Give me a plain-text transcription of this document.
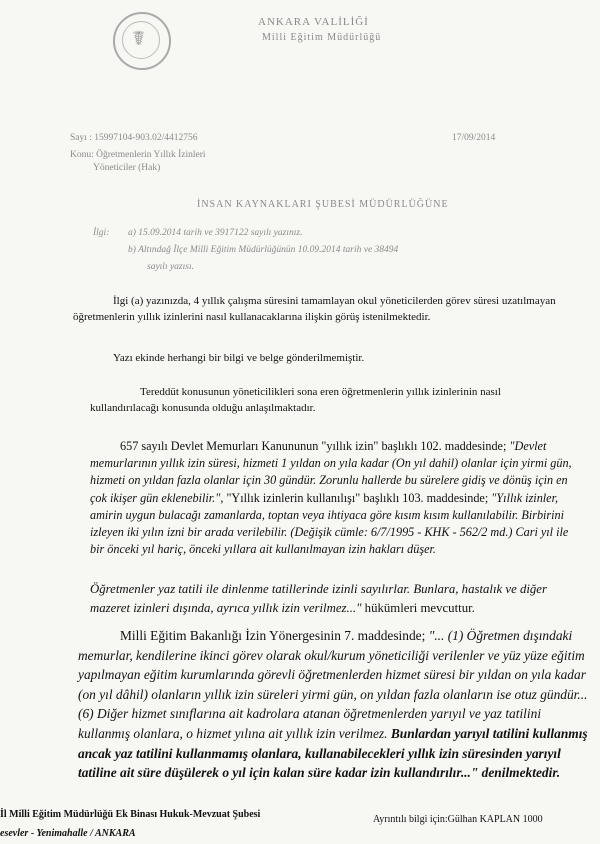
☤
ANKARA VALİLİĞİ
Milli Eğitim Müdürlüğü
Sayı : 15997104-903.02/4412756	17/09/2014
Konu: Öğretmenlerin Yıllık İzinleri
Yöneticiler (Hak)
İNSAN KAYNAKLARI ŞUBESİ MÜDÜRLÜĞÜNE
İlgi: a) 15.09.2014 tarih ve 3917122 sayılı yazınız.
b) Altındağ İlçe Milli Eğitim Müdürlüğünün 10.09.2014 tarih ve 38494
sayılı yazısı.
İlgi (a) yazınızda, 4 yıllık çalışma süresini tamamlayan okul yöneticilerden görev süresi uzatılmayan öğretmenlerin yıllık izinlerini nasıl kullanacaklarına ilişkin görüş istenilmektedir.
Yazı ekinde herhangi bir bilgi ve belge gönderilmemiştir.
Tereddüt konusunun yöneticilikleri sona eren öğretmenlerin yıllık izinlerinin nasıl kullandırılacağı konusunda olduğu anlaşılmaktadır.
657 sayılı Devlet Memurları Kanununun "yıllık izin" başlıklı 102. maddesinde; "Devlet memurlarının yıllık izin süresi, hizmeti 1 yıldan on yıla kadar (On yıl dahil) olanlar için yirmi gün, hizmeti on yıldan fazla olanlar için 30 gündür. Zorunlu hallerde bu sürelere gidiş ve dönüş için en çok ikişer gün eklenebilir.", "Yıllık izinlerin kullanılışı" başlıklı 103. maddesinde; "Yıllık izinler, amirin uygun bulacağı zamanlarda, toptan veya ihtiyaca göre kısım kısım kullanılabilir. Birbirini izleyen iki yılın izni bir arada verilebilir. (Değişik cümle: 6/7/1995 - KHK - 562/2 md.) Cari yıl ile bir önceki yıl hariç, önceki yıllara ait kullanılmayan izin hakları düşer.
Öğretmenler yaz tatili ile dinlenme tatillerinde izinli sayılırlar. Bunlara, hastalık ve diğer mazeret izinleri dışında, ayrıca yıllık izin verilmez..." hükümleri mevcuttur.
Milli Eğitim Bakanlığı İzin Yönergesinin 7. maddesinde; "... (1) Öğretmen dışındaki memurlar, kendilerine ikinci görev olarak okul/kurum yöneticiliği verilenler ve yüz yüze eğitim yapılmayan eğitim kurumlarında görevli öğretmenlerden hizmet süresi bir yıldan on yıla kadar (on yıl dâhil) olanların yıllık izin süreleri yirmi gün, on yıldan fazla olanların ise otuz gündür... (6) Diğer hizmet sınıflarına ait kadrolara atanan öğretmenlerden yarıyıl ve yaz tatilini kullanmış olanlara, o hizmet yılına ait yıllık izin verilmez. Bunlardan yarıyıl tatilini kullanmış ancak yaz tatilini kullanmamış olanlara, kullanabilecekleri yıllık izin süresinden yarıyıl tatiline ait süre düşülerek o yıl için kalan süre kadar izin kullandırılır..." denilmektedir.
İl Milli Eğitim Müdürlüğü Ek Binası Hukuk-Mevzuat Şubesi
esevler - Yenimahalle / ANKARA
Ayrıntılı bilgi için:Gülhan KAPLAN 1000
